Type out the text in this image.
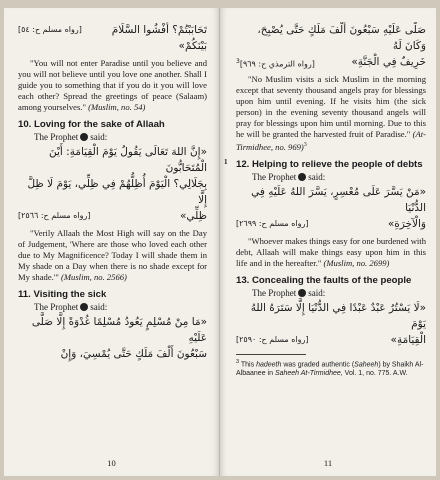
[رواه مسلم ح: ٥٤]	تَحَابَبْتُمْ؟ أَفْشُوا السَّلَامَ بَيْنَكُمْ»

"You will not enter Paradise until you believe and you will not believe until you love one another. Shall I guide you to something that if you do it you will love each other? Spread the greetings of peace (Salaam) among yourselves." (Muslim, no. 54)

10. Loving for the sake of Allaah
The Prophet said:
«إِنَّ اللهَ تَعَالَى يَقُولُ يَوْمَ الْقِيَامَةِ: أَيْنَ الْمُتَحَابُّونَ
بِجَلَالِي؟ الْيَوْمَ أُظِلُّهُمْ فِي ظِلِّي، يَوْمَ لَا ظِلَّ إِلَّا
[رواه مسلم ح: ٢٥٦٦]	ظِلِّي»

"Verily Allaah the Most High will say on the Day of Judgement, 'Where are those who loved each other due to My Magnificence? Today I will shade them in My shade on a Day when there is no shade except for My shade.'" (Muslim, no. 2566)

11. Visiting the sick
The Prophet said:
«مَا مِنْ مُسْلِمٍ يَعُودُ مُسْلِمًا غُدْوَةً إِلَّا صَلَّى عَلَيْهِ
سَبْعُونَ أَلْفَ مَلَكٍ حَتَّى يُمْسِيَ، وَإِنْ
10
1
صَلَّى عَلَيْهِ سَبْعُونَ أَلْفَ مَلَكٍ حَتَّى يُصْبِحَ، وَكَانَ لَهُ
$^3$[رواه الترمذي ح: ٩٦٩]	خَرِيفٌ فِي الْجَنَّةِ»

"No Muslim visits a sick Muslim in the morning except that seventy thousand angels pray for blessings upon him until evening. If he visits him (the sick person) in the evening seventy thousand angels will pray for blessings upon him until morning. Due to this he will be granted the harvested fruit of Paradise." (At-Tirmidhee, no. 969)$^3$

12. Helping to relieve the people of debts
The Prophet said:
«مَنْ يَسَّرَ عَلَى مُعْسِرٍ، يَسَّرَ اللهُ عَلَيْهِ فِي الدُّنْيَا
[رواه مسلم ح: ٢٦٩٩]	وَالْآخِرَةِ»

"Whoever makes things easy for one burdened with debt, Allaah will make things easy upon him in this life and in the hereafter." (Muslim, no. 2699)

13. Concealing the faults of the people
The Prophet said:
«لَا يَسْتُرُ عَبْدٌ عَبْدًا فِي الدُّنْيَا إِلَّا سَتَرَهُ اللهُ يَوْمَ
[رواه مسلم ح: ٢٥٩٠]	الْقِيَامَةِ»

$^3$ This hadeeth was graded authentic (Saheeh) by Shaikh Al-Albaanee in Saheeh At-Tirmidhee, Vol. 1, no. 775. A.W.

11
